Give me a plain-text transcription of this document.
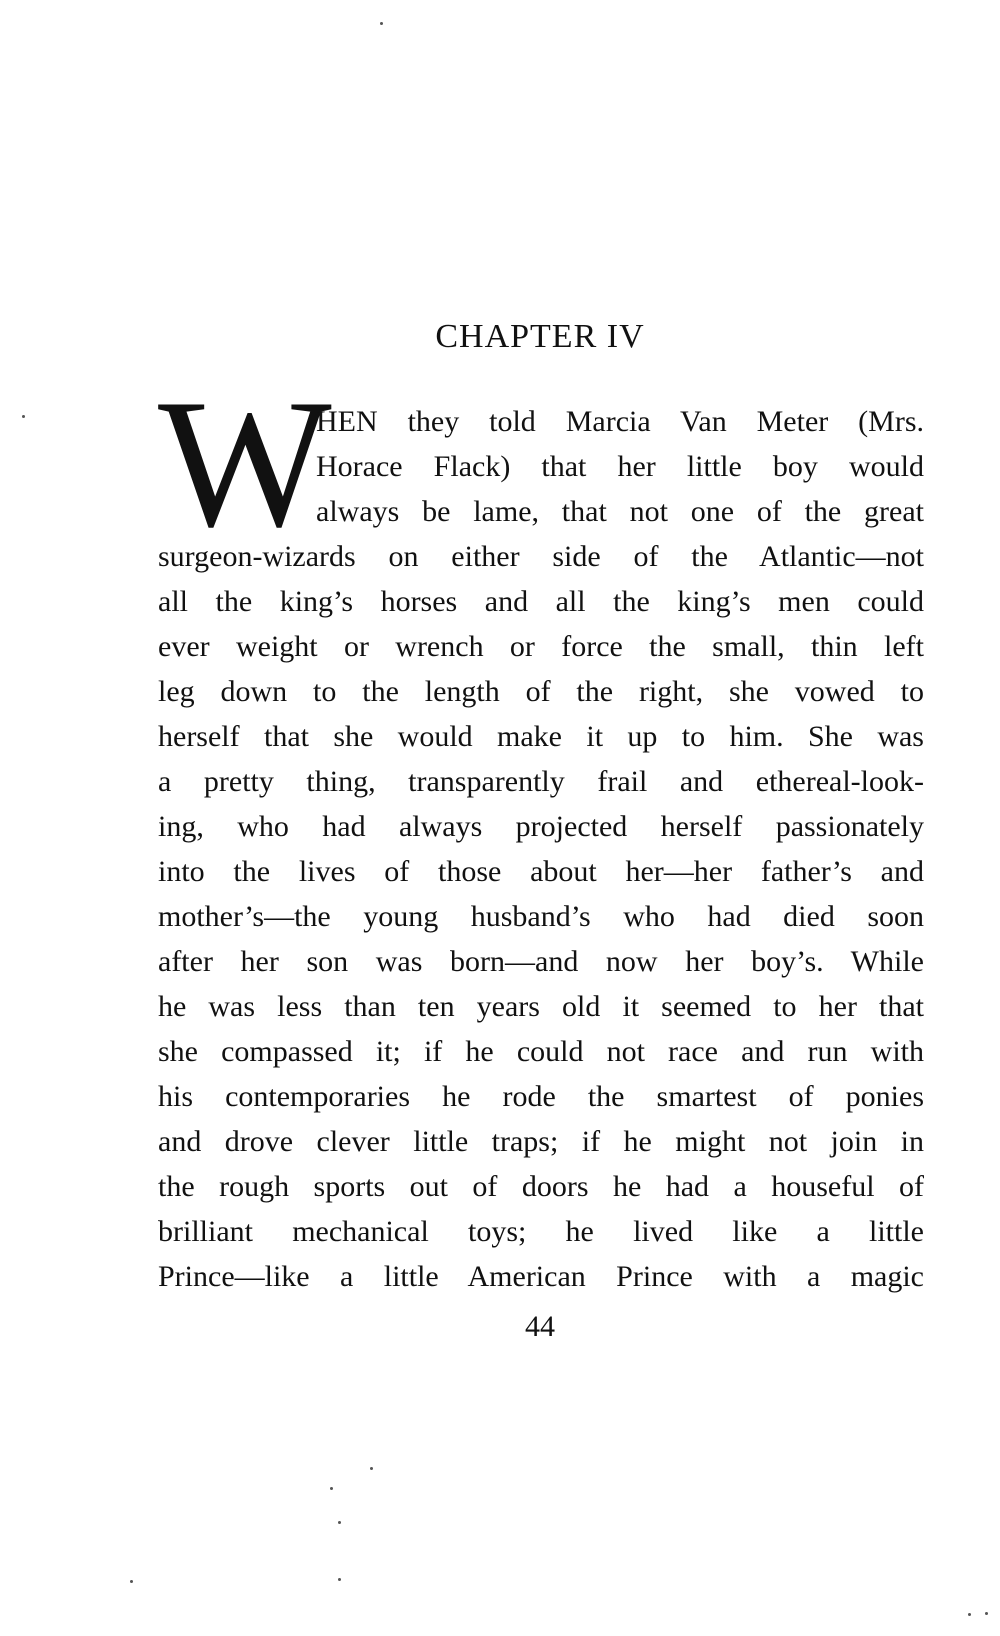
CHAPTER IV
W
HEN they told Marcia Van Meter (Mrs.
Horace Flack) that her little boy would
always be lame, that not one of the great
surgeon-wizards on either side of the Atlantic—not
all the king’s horses and all the king’s men could
ever weight or wrench or force the small, thin left
leg down to the length of the right, she vowed to
herself that she would make it up to him. She was
a pretty thing, transparently frail and ethereal-look-
ing, who had always projected herself passionately
into the lives of those about her—her father’s and
mother’s—the young husband’s who had died soon
after her son was born—and now her boy’s. While
he was less than ten years old it seemed to her that
she compassed it; if he could not race and run with
his contemporaries he rode the smartest of ponies
and drove clever little traps; if he might not join in
the rough sports out of doors he had a houseful of
brilliant mechanical toys; he lived like a little
Prince—like a little American Prince with a magic
44
